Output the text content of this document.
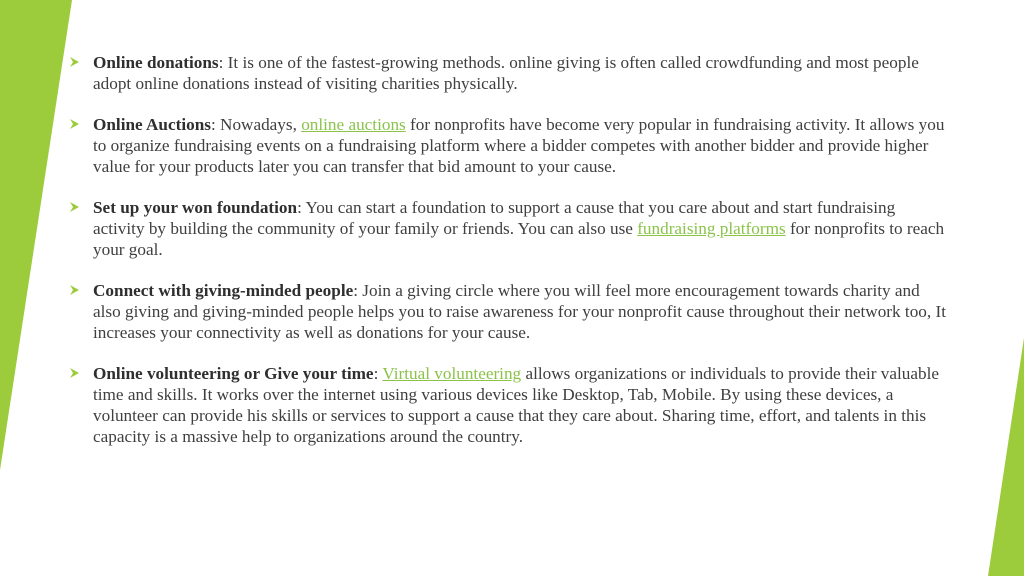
Online donations: It is one of the fastest-growing methods. online giving is often called crowdfunding and most people adopt online donations instead of visiting charities physically.
Online Auctions: Nowadays, online auctions for nonprofits have become very popular in fundraising activity. It allows you to organize fundraising events on a fundraising platform where a bidder competes with another bidder and provide higher value for your products later you can transfer that bid amount to your cause.
Set up your won foundation: You can start a foundation to support a cause that you care about and start fundraising activity by building the community of your family or friends. You can also use fundraising platforms for nonprofits to reach your goal.
Connect with giving-minded people: Join a giving circle where you will feel more encouragement towards charity and also giving and giving-minded people helps you to raise awareness for your nonprofit cause throughout their network too, It increases your connectivity as well as donations for your cause.
Online volunteering or Give your time: Virtual volunteering allows organizations or individuals to provide their valuable time and skills. It works over the internet using various devices like Desktop, Tab, Mobile. By using these devices, a volunteer can provide his skills or services to support a cause that they care about. Sharing time, effort, and talents in this capacity is a massive help to organizations around the country.
